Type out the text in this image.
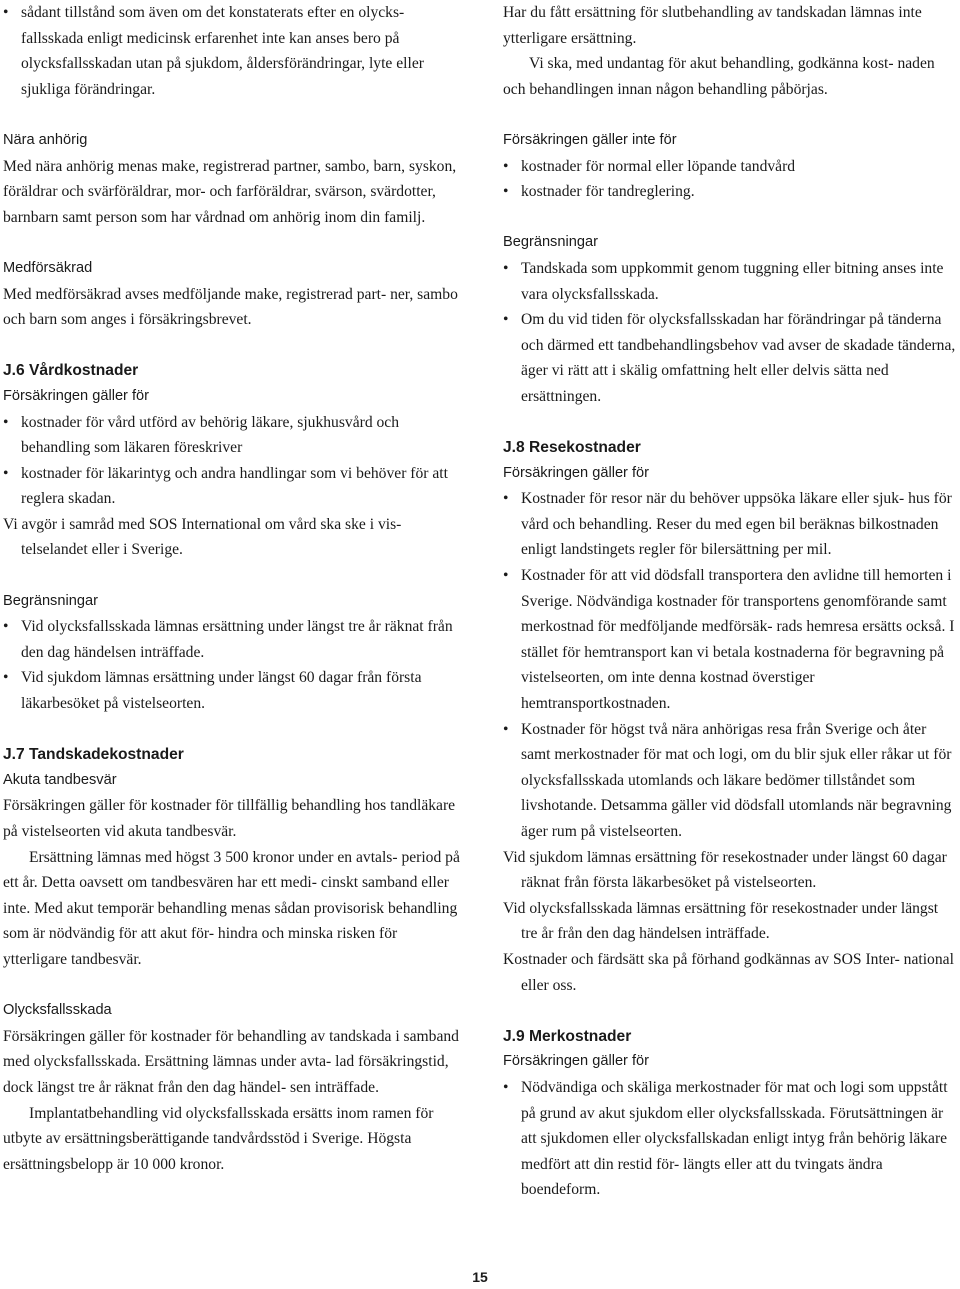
• sådant tillstånd som även om det konstaterats efter en olycks- fallsskada enligt medicinsk erfarenhet inte kan anses bero på olycksfallsskadan utan på sjukdom, åldersförändringar, lyte eller sjukliga förändringar.

Nära anhörig

Med nära anhörig menas make, registrerad partner, sambo, barn, syskon, föräldrar och svärföräldrar, mor- och farföräldrar, svärson, svärdotter, barnbarn samt person som har vårdnad om anhörig inom din familj.

Medförsäkrad

Med medförsäkrad avses medföljande make, registrerad part- ner, sambo och barn som anges i försäkringsbrevet.

J.6 Vårdkostnader

Försäkringen gäller för

• kostnader för vård utförd av behörig läkare, sjukhusvård och behandling som läkaren föreskriver
• kostnader för läkarintyg och andra handlingar som vi behöver för att reglera skadan.

Vi avgör i samråd med SOS International om vård ska ske i vis- telselandet eller i Sverige.

Begränsningar

• Vid olycksfallsskada lämnas ersättning under längst tre år räknat från den dag händelsen inträffade.
• Vid sjukdom lämnas ersättning under längst 60 dagar från första läkarbesöket på vistelseorten.

J.7 Tandskadekostnader

Akuta tandbesvär

Försäkringen gäller för kostnader för tillfällig behandling hos tandläkare på vistelseorten vid akuta tandbesvär.

Ersättning lämnas med högst 3 500 kronor under en avtals- period på ett år. Detta oavsett om tandbesvären har ett medi- cinskt samband eller inte. Med akut temporär behandling menas sådan provisorisk behandling som är nödvändig för att akut för- hindra och minska risken för ytterligare tandbesvär.

Olycksfallsskada

Försäkringen gäller för kostnader för behandling av tandskada i samband med olycksfallsskada. Ersättning lämnas under avta- lad försäkringstid, dock längst tre år räknat från den dag händel- sen inträffade.

Implantatbehandling vid olycksfallsskada ersätts inom ramen för utbyte av ersättningsberättigande tandvårdsstöd i Sverige. Högsta ersättningsbelopp är 10 000 kronor.

Har du fått ersättning för slutbehandling av tandskadan lämnas inte ytterligare ersättning.

Vi ska, med undantag för akut behandling, godkänna kost- naden och behandlingen innan någon behandling påbörjas.

Försäkringen gäller inte för

• kostnader för normal eller löpande tandvård
• kostnader för tandreglering.

Begränsningar

• Tandskada som uppkommit genom tuggning eller bitning anses inte vara olycksfallsskada.
• Om du vid tiden för olycksfallsskadan har förändringar på tänderna och därmed ett tandbehandlingsbehov vad avser de skadade tänderna, äger vi rätt att i skälig omfattning helt eller delvis sätta ned ersättningen.

J.8 Resekostnader

Försäkringen gäller för

• Kostnader för resor när du behöver uppsöka läkare eller sjuk- hus för vård och behandling. Reser du med egen bil beräknas bilkostnaden enligt landstingets regler för bilersättning per mil.
• Kostnader för att vid dödsfall transportera den avlidne till hemorten i Sverige. Nödvändiga kostnader för transportens genomförande samt merkostnad för medföljande medförsäk- rads hemresa ersätts också. I stället för hemtransport kan vi betala kostnaderna för begravning på vistelseorten, om inte denna kostnad överstiger hemtransportkostnaden.
• Kostnader för högst två nära anhörigas resa från Sverige och åter samt merkostnader för mat och logi, om du blir sjuk eller råkar ut för olycksfallsskada utomlands och läkare bedömer tillståndet som livshotande. Detsamma gäller vid dödsfall utomlands när begravning äger rum på vistelseorten.

Vid sjukdom lämnas ersättning för resekostnader under längst 60 dagar räknat från första läkarbesöket på vistelseorten.

Vid olycksfallsskada lämnas ersättning för resekostnader under längst tre år från den dag händelsen inträffade.

Kostnader och färdsätt ska på förhand godkännas av SOS Inter- national eller oss.

J.9 Merkostnader

Försäkringen gäller för

• Nödvändiga och skäliga merkostnader för mat och logi som uppstått på grund av akut sjukdom eller olycksfallsskada. Förutsättningen är att sjukdomen eller olycksfallskadan enligt intyg från behörig läkare medfört att din restid för- längts eller att du tvingats ändra boendeform.
15
